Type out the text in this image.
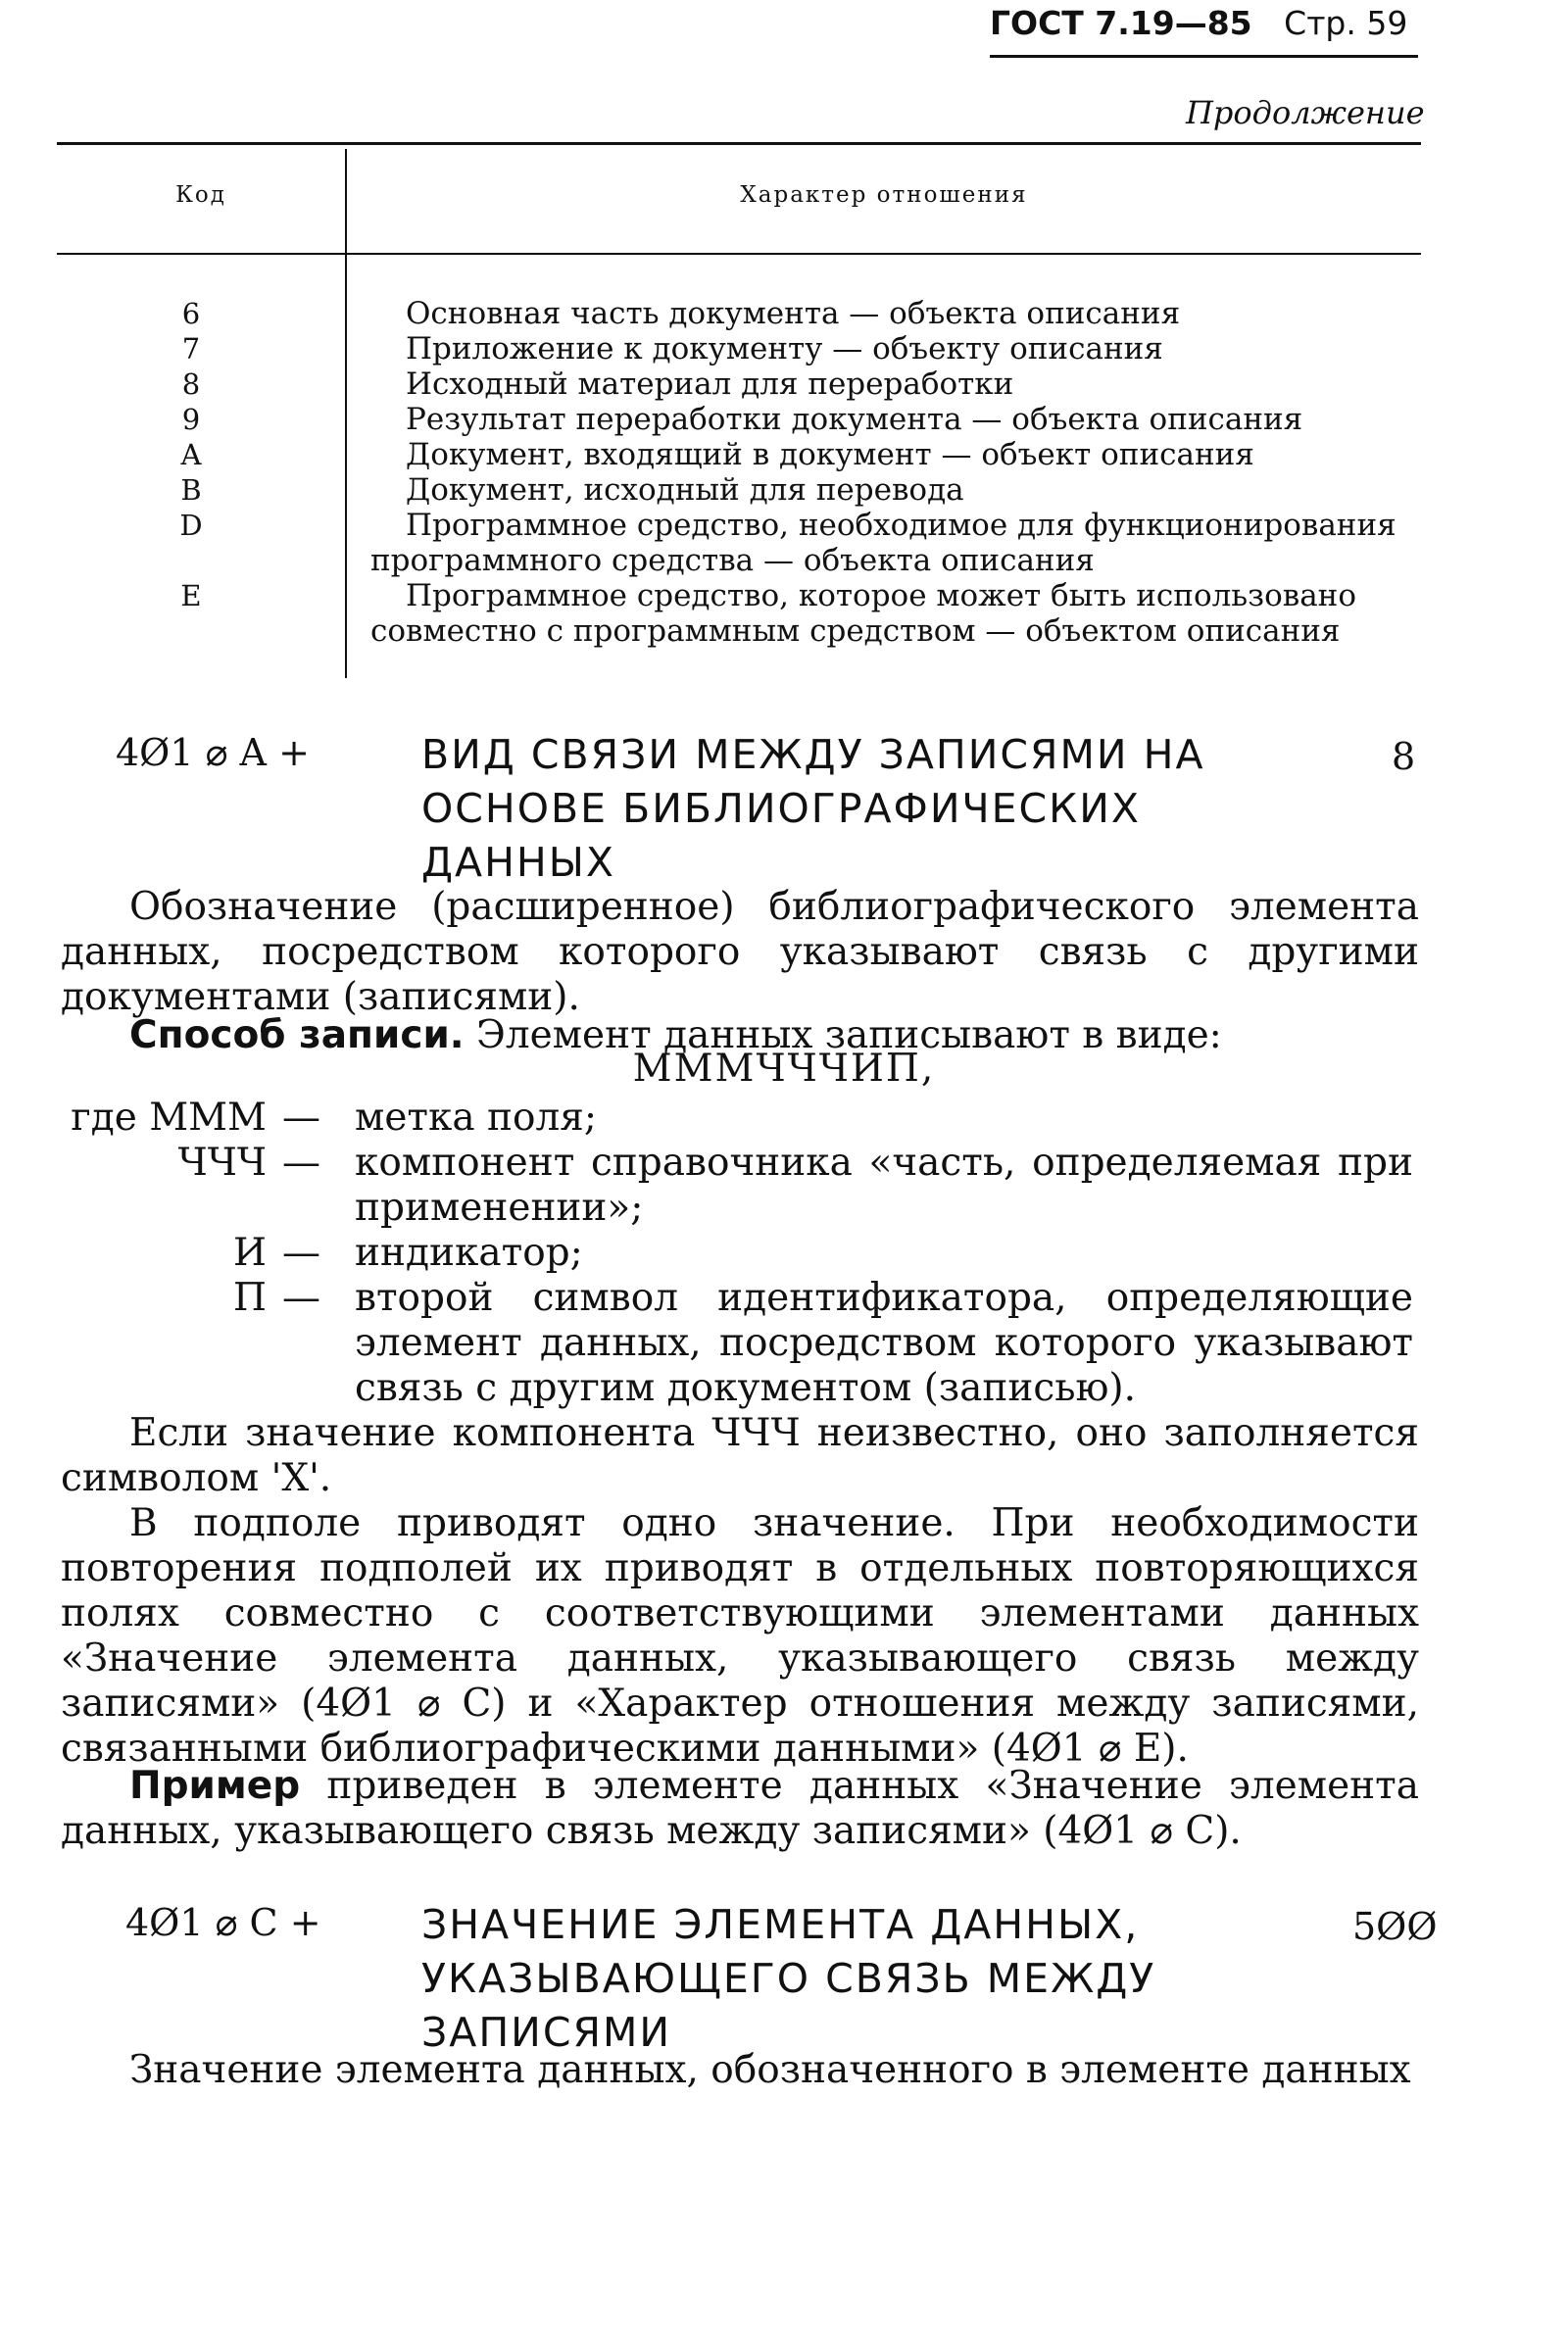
ГОСТ 7.19—85 Стр. 59
Продолжение
Код	Характер отношения
6
7
8
9
A
B
D
E
Основная часть документа — объекта описания
Приложение к документу — объекту описания
Исходный материал для переработки
Результат переработки документа — объекта описания
Документ, входящий в документ — объект описания
Документ, исходный для перевода
Программное средство, необходимое для функционирования
программного средства — объекта описания
Программное средство, которое может быть использовано
совместно с программным средством — объектом описания
4Ø1 ⌀ A +	ВИД СВЯЗИ МЕЖДУ ЗАПИСЯМИ НА
ОСНОВЕ БИБЛИОГРАФИЧЕСКИХ
ДАННЫХ
8
Обозначение (расширенное) библиографического элемента данных, посредством которого указывают связь с другими документами (записями).
Способ записи. Элемент данных записывают в виде:
МММЧЧЧИП,
где МММ — метка поля;
ЧЧЧ — компонент справочника «часть, определяемая при применении»;
И — индикатор;
П — второй символ идентификатора, определяющие элемент данных, посредством которого указывают связь с другим документом (записью).
Если значение компонента ЧЧЧ неизвестно, оно заполняется символом 'X'.
В подполе приводят одно значение. При необходимости повторения подполей их приводят в отдельных повторяющихся полях совместно с соответствующими элементами данных «Значение элемента данных, указывающего связь между записями» (4Ø1 ⌀ C) и «Характер отношения между записями, связанными библиографическими данными» (4Ø1 ⌀ E).
Пример приведен в элементе данных «Значение элемента данных, указывающего связь между записями» (4Ø1 ⌀ C).
4Ø1 ⌀ C + ЗНАЧЕНИЕ ЭЛЕМЕНТА ДАННЫХ,
УКАЗЫВАЮЩЕГО СВЯЗЬ МЕЖДУ
ЗАПИСЯМИ
5ØØ
Значение элемента данных, обозначенного в элементе данных
